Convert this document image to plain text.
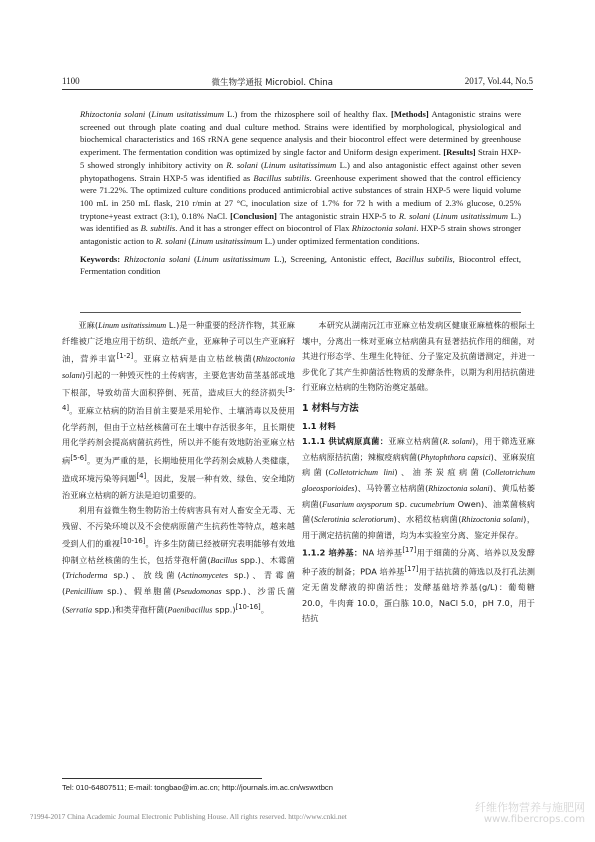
1100	微生物学通报 Microbiol. China	2017, Vol.44, No.5

Rhizoctonia solani (Linum usitatissimum L.) from the rhizosphere soil of healthy flax. [Methods] Antagonistic strains were screened out through plate coating and dual culture method. Strains were identified by morphological, physiological and biochemical characteristics and 16S rRNA gene sequence analysis and their biocontrol effect were determined by greenhouse experiment. The fermentation condition was optimized by single factor and Uniform design experiment. [Results] Strain HXP-5 showed strongly inhibitory activity on R. solani (Linum usitatissimum L.) and also antagonistic effect against other seven phytopathogens. Strain HXP-5 was identified as Bacillus subtilis. Greenhouse experiment showed that the control efficiency were 71.22%. The optimized culture conditions produced antimicrobial active substances of strain HXP-5 were liquid volume 100 mL in 250 mL flask, 210 r/min at 27 °C, inoculation size of 1.7% for 72 h with a medium of 2.3% glucose, 0.25% tryptone+yeast extract (3:1), 0.18% NaCl. [Conclusion] The antagonistic strain HXP-5 to R. solani (Linum usitatissimum L.) was identified as B. subtilis. And it has a stronger effect on biocontrol of Flax Rhizoctonia solani. HXP-5 strain shows stronger antagonistic action to R. solani (Linum usitatissimum L.) under optimized fermentation conditions.

Keywords: Rhizoctonia solani (Linum usitatissimum L.), Screening, Antonistic effect, Bacillus subtilis, Biocontrol effect, Fermentation condition

亚麻(Linum usitatissimum L.)是一种重要的经济作物，其亚麻纤维被广泛地应用于纺织、造纸产业，亚麻种子可以生产亚麻籽油，营养丰富[1-2]。亚麻立枯病是由立枯丝核菌(Rhizoctonia solani)引起的一种毁灭性的土传病害，主要危害幼苗茎基部或地下根部，导致幼苗大面积猝倒、死苗，造成巨大的经济损失[3-4]。亚麻立枯病的防治目前主要是采用轮作、土壤消毒以及使用化学药剂，但由于立枯丝核菌可在土壤中存活很多年，且长期使用化学药剂会提高病菌抗药性，所以并不能有效地防治亚麻立枯病[5-6]。更为严重的是，长期地使用化学药剂会威胁人类健康，造成环境污染等问题[4]。因此，发展一种有效、绿色、安全地防治亚麻立枯病的新方法是迫切重要的。

利用有益微生物生物防治土传病害具有对人畜安全无毒、无残留、不污染环境以及不会使病原菌产生抗药性等特点，越来越受到人们的重视[10-16]。许多生防菌已经被研究表明能够有效地抑制立枯丝核菌的生长，包括芽孢杆菌(Bacillus spp.)、木霉菌(Trichoderma sp.)、放线菌(Actinomycetes sp.)、青霉菌(Penicillium sp.)、假单胞菌(Pseudomonas spp.)、沙雷氏菌(Serratia spp.)和类芽孢杆菌(Paenibacillus spp.)[10-16]。

本研究从湖南沅江市亚麻立枯发病区健康亚麻植株的根际土壤中，分离出一株对亚麻立枯病菌具有显著拮抗作用的细菌，对其进行形态学、生理生化特征、分子鉴定及抗菌谱测定，并进一步优化了其产生抑菌活性物质的发酵条件，以期为利用拮抗菌进行亚麻立枯病的生物防治奠定基础。

1 材料与方法

1.1 材料

1.1.1 供试病原真菌：亚麻立枯病菌(R. solani)，用于筛选亚麻立枯病原拮抗菌；辣椒疫病病菌(Phytophthora capsici)、亚麻炭疽病菌(Colletotrichum lini)、油茶炭疽病菌(Colletotrichum gloeosporioides)、马铃薯立枯病菌(Rhizoctonia solani)、黄瓜枯萎病菌(Fusarium oxysporum sp. cucumebrium Owen)、油菜菌核病菌(Sclerotinia sclerotiorum)、水稻纹枯病菌(Rhizoctonia solani)，用于测定拮抗菌的抑菌谱，均为本实验室分离、鉴定并保存。

1.1.2 培养基：NA 培养基[17]用于细菌的分离、培养以及发酵种子液的制备；PDA 培养基[17]用于拮抗菌的筛选以及打孔法测定无菌发酵液的抑菌活性；发酵基础培养基(g/L)：葡萄糖 20.0，牛肉膏 10.0，蛋白胨 10.0，NaCl 5.0，pH 7.0，用于拮抗

Tel: 010-64807511; E-mail: tongbao@im.ac.cn; http://journals.im.ac.cn/wswxtbcn
?1994-2017 China Academic Journal Electronic Publishing House. All rights reserved. http://www.cnki.net
纤维作物营养与施肥网
www.fibercrops.com
